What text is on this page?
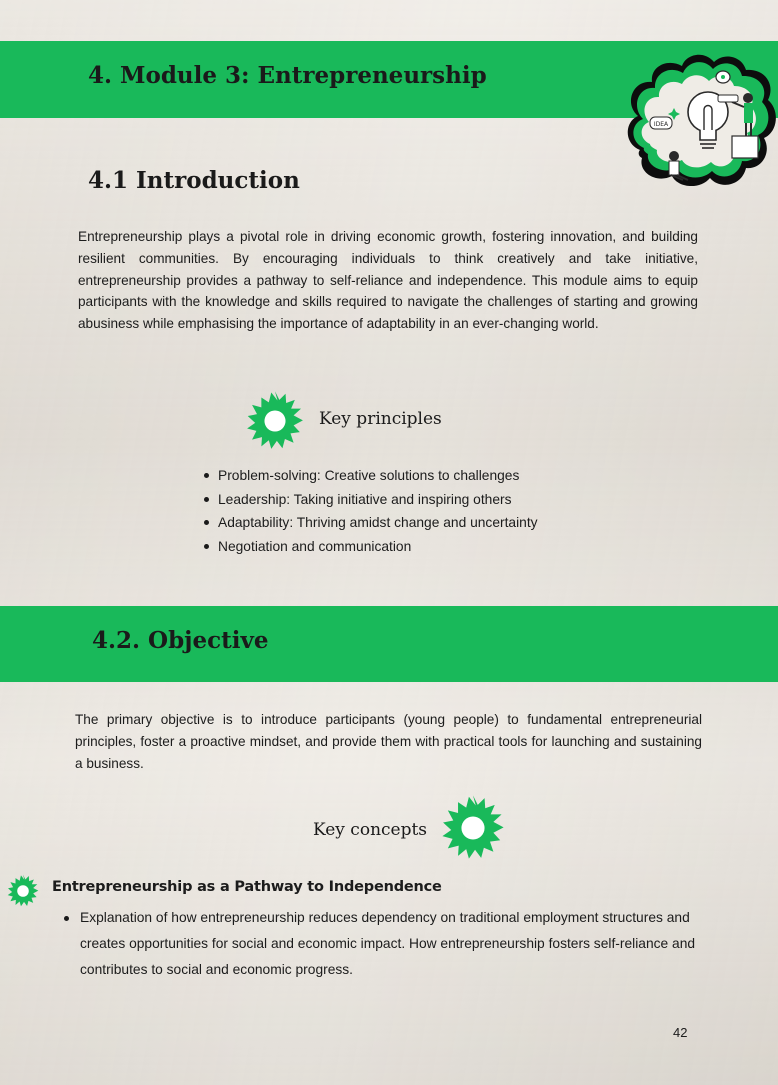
4. Module 3: Entrepreneurship
IDEA
4.1 Introduction

Entrepreneurship plays a pivotal role in driving economic growth, fostering innovation, and building resilient communities. By encouraging individuals to think creatively and take initiative, entrepreneurship provides a pathway to self-reliance and independence. This module aims to equip participants with the knowledge and skills required to navigate the challenges of starting and growing abusiness while emphasising the importance of adaptability in an ever-changing world.

Key principles
Problem-solving: Creative solutions to challenges
Leadership: Taking initiative and inspiring others
Adaptability: Thriving amidst change and uncertainty
Negotiation and communication
4.2. Objective

The primary objective is to introduce participants (young people) to fundamental entrepreneurial principles, foster a proactive mindset, and provide them with practical tools for launching and sustaining a business.

Key concepts
Entrepreneurship as a Pathway to Independence
Explanation of how entrepreneurship reduces dependency on traditional employment structures and creates opportunities for social and economic impact. How entrepreneurship fosters self-reliance and contributes to social and economic progress.
42
